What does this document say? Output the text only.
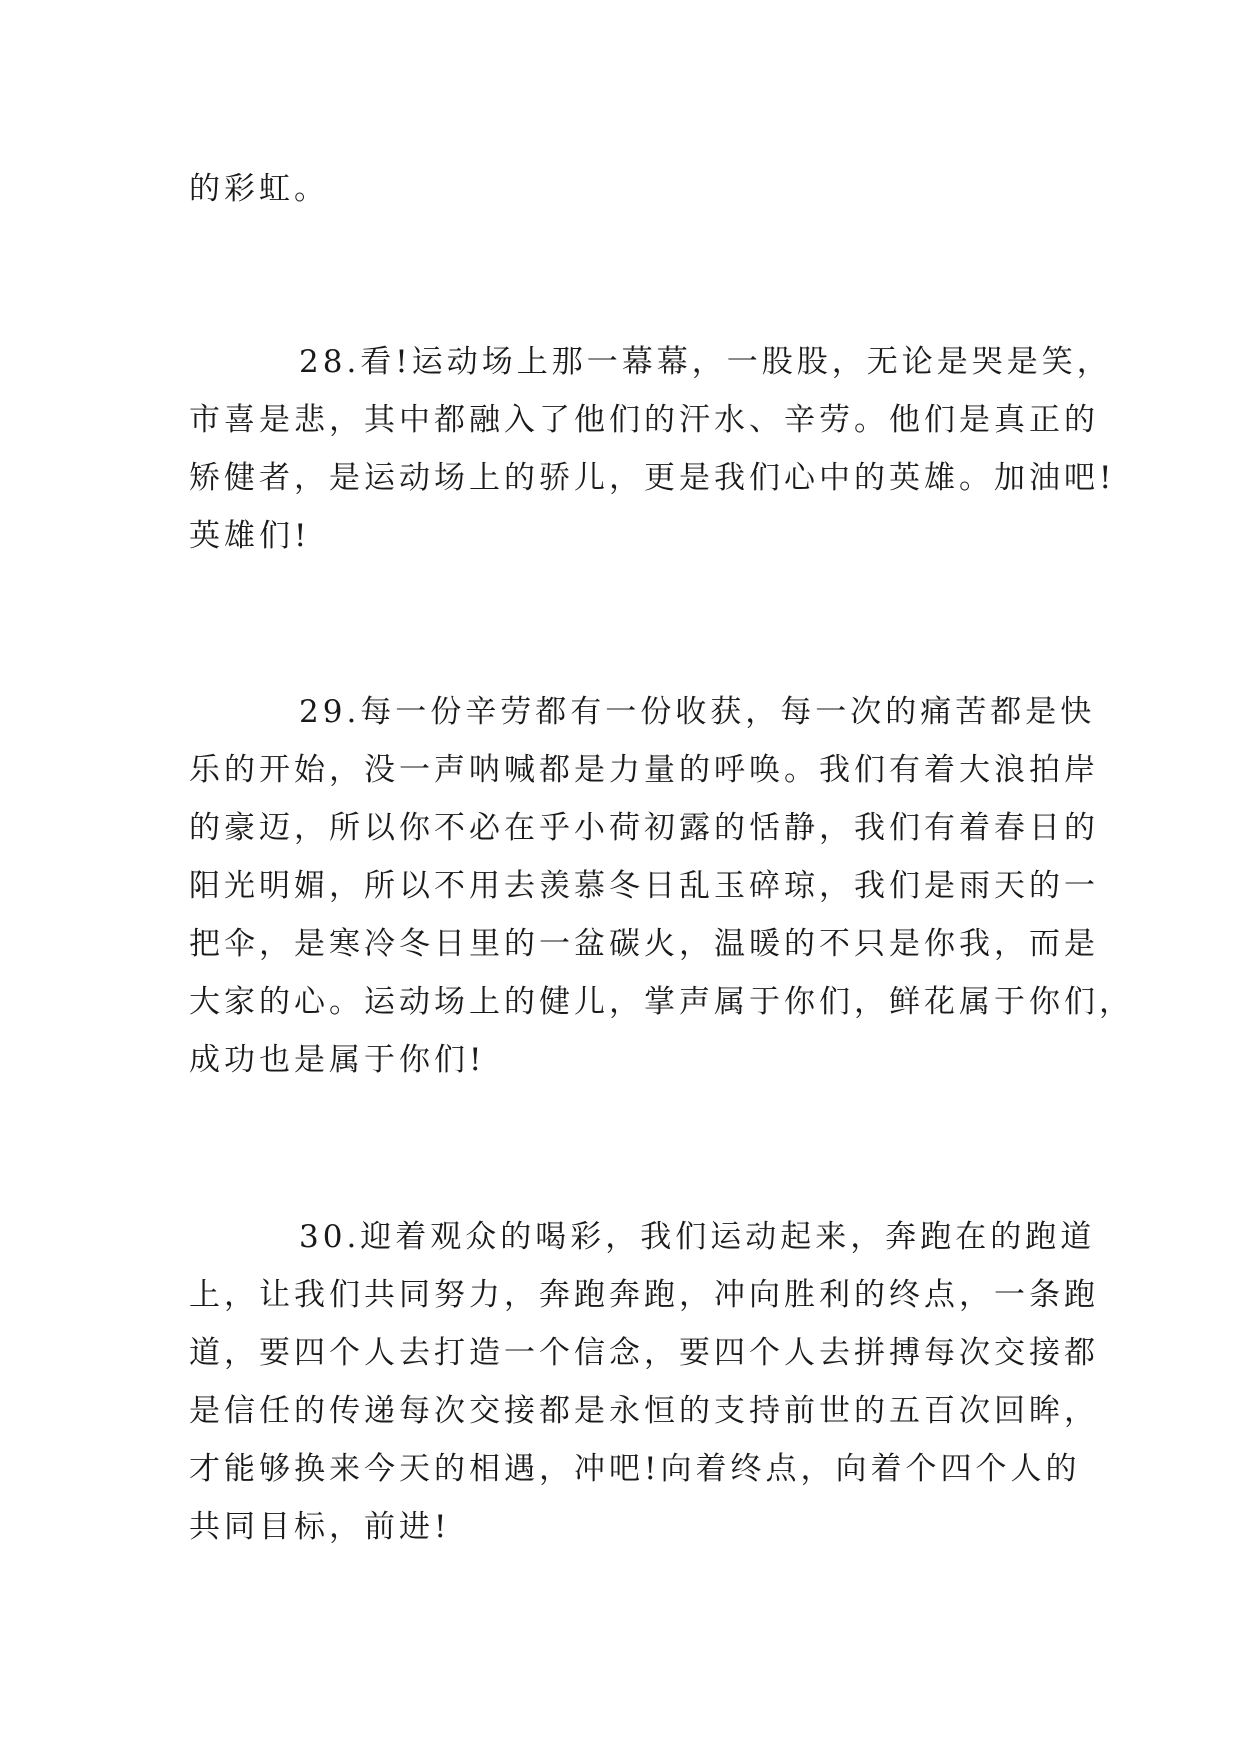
的彩虹。
28.看!运动场上那一幕幕，一股股，无论是哭是笑，
市喜是悲，其中都融入了他们的汗水、辛劳。他们是真正的
矫健者，是运动场上的骄儿，更是我们心中的英雄。加油吧!
英雄们!
29.每一份辛劳都有一份收获，每一次的痛苦都是快
乐的开始，没一声呐喊都是力量的呼唤。我们有着大浪拍岸
的豪迈，所以你不必在乎小荷初露的恬静，我们有着春日的
阳光明媚，所以不用去羡慕冬日乱玉碎琼，我们是雨天的一
把伞，是寒冷冬日里的一盆碳火，温暖的不只是你我，而是
大家的心。运动场上的健儿，掌声属于你们，鲜花属于你们，
成功也是属于你们!
30.迎着观众的喝彩，我们运动起来，奔跑在的跑道
上，让我们共同努力，奔跑奔跑，冲向胜利的终点，一条跑
道，要四个人去打造一个信念，要四个人去拼搏每次交接都
是信任的传递每次交接都是永恒的支持前世的五百次回眸，
才能够换来今天的相遇，冲吧!向着终点，向着个四个人的
共同目标，前进!
